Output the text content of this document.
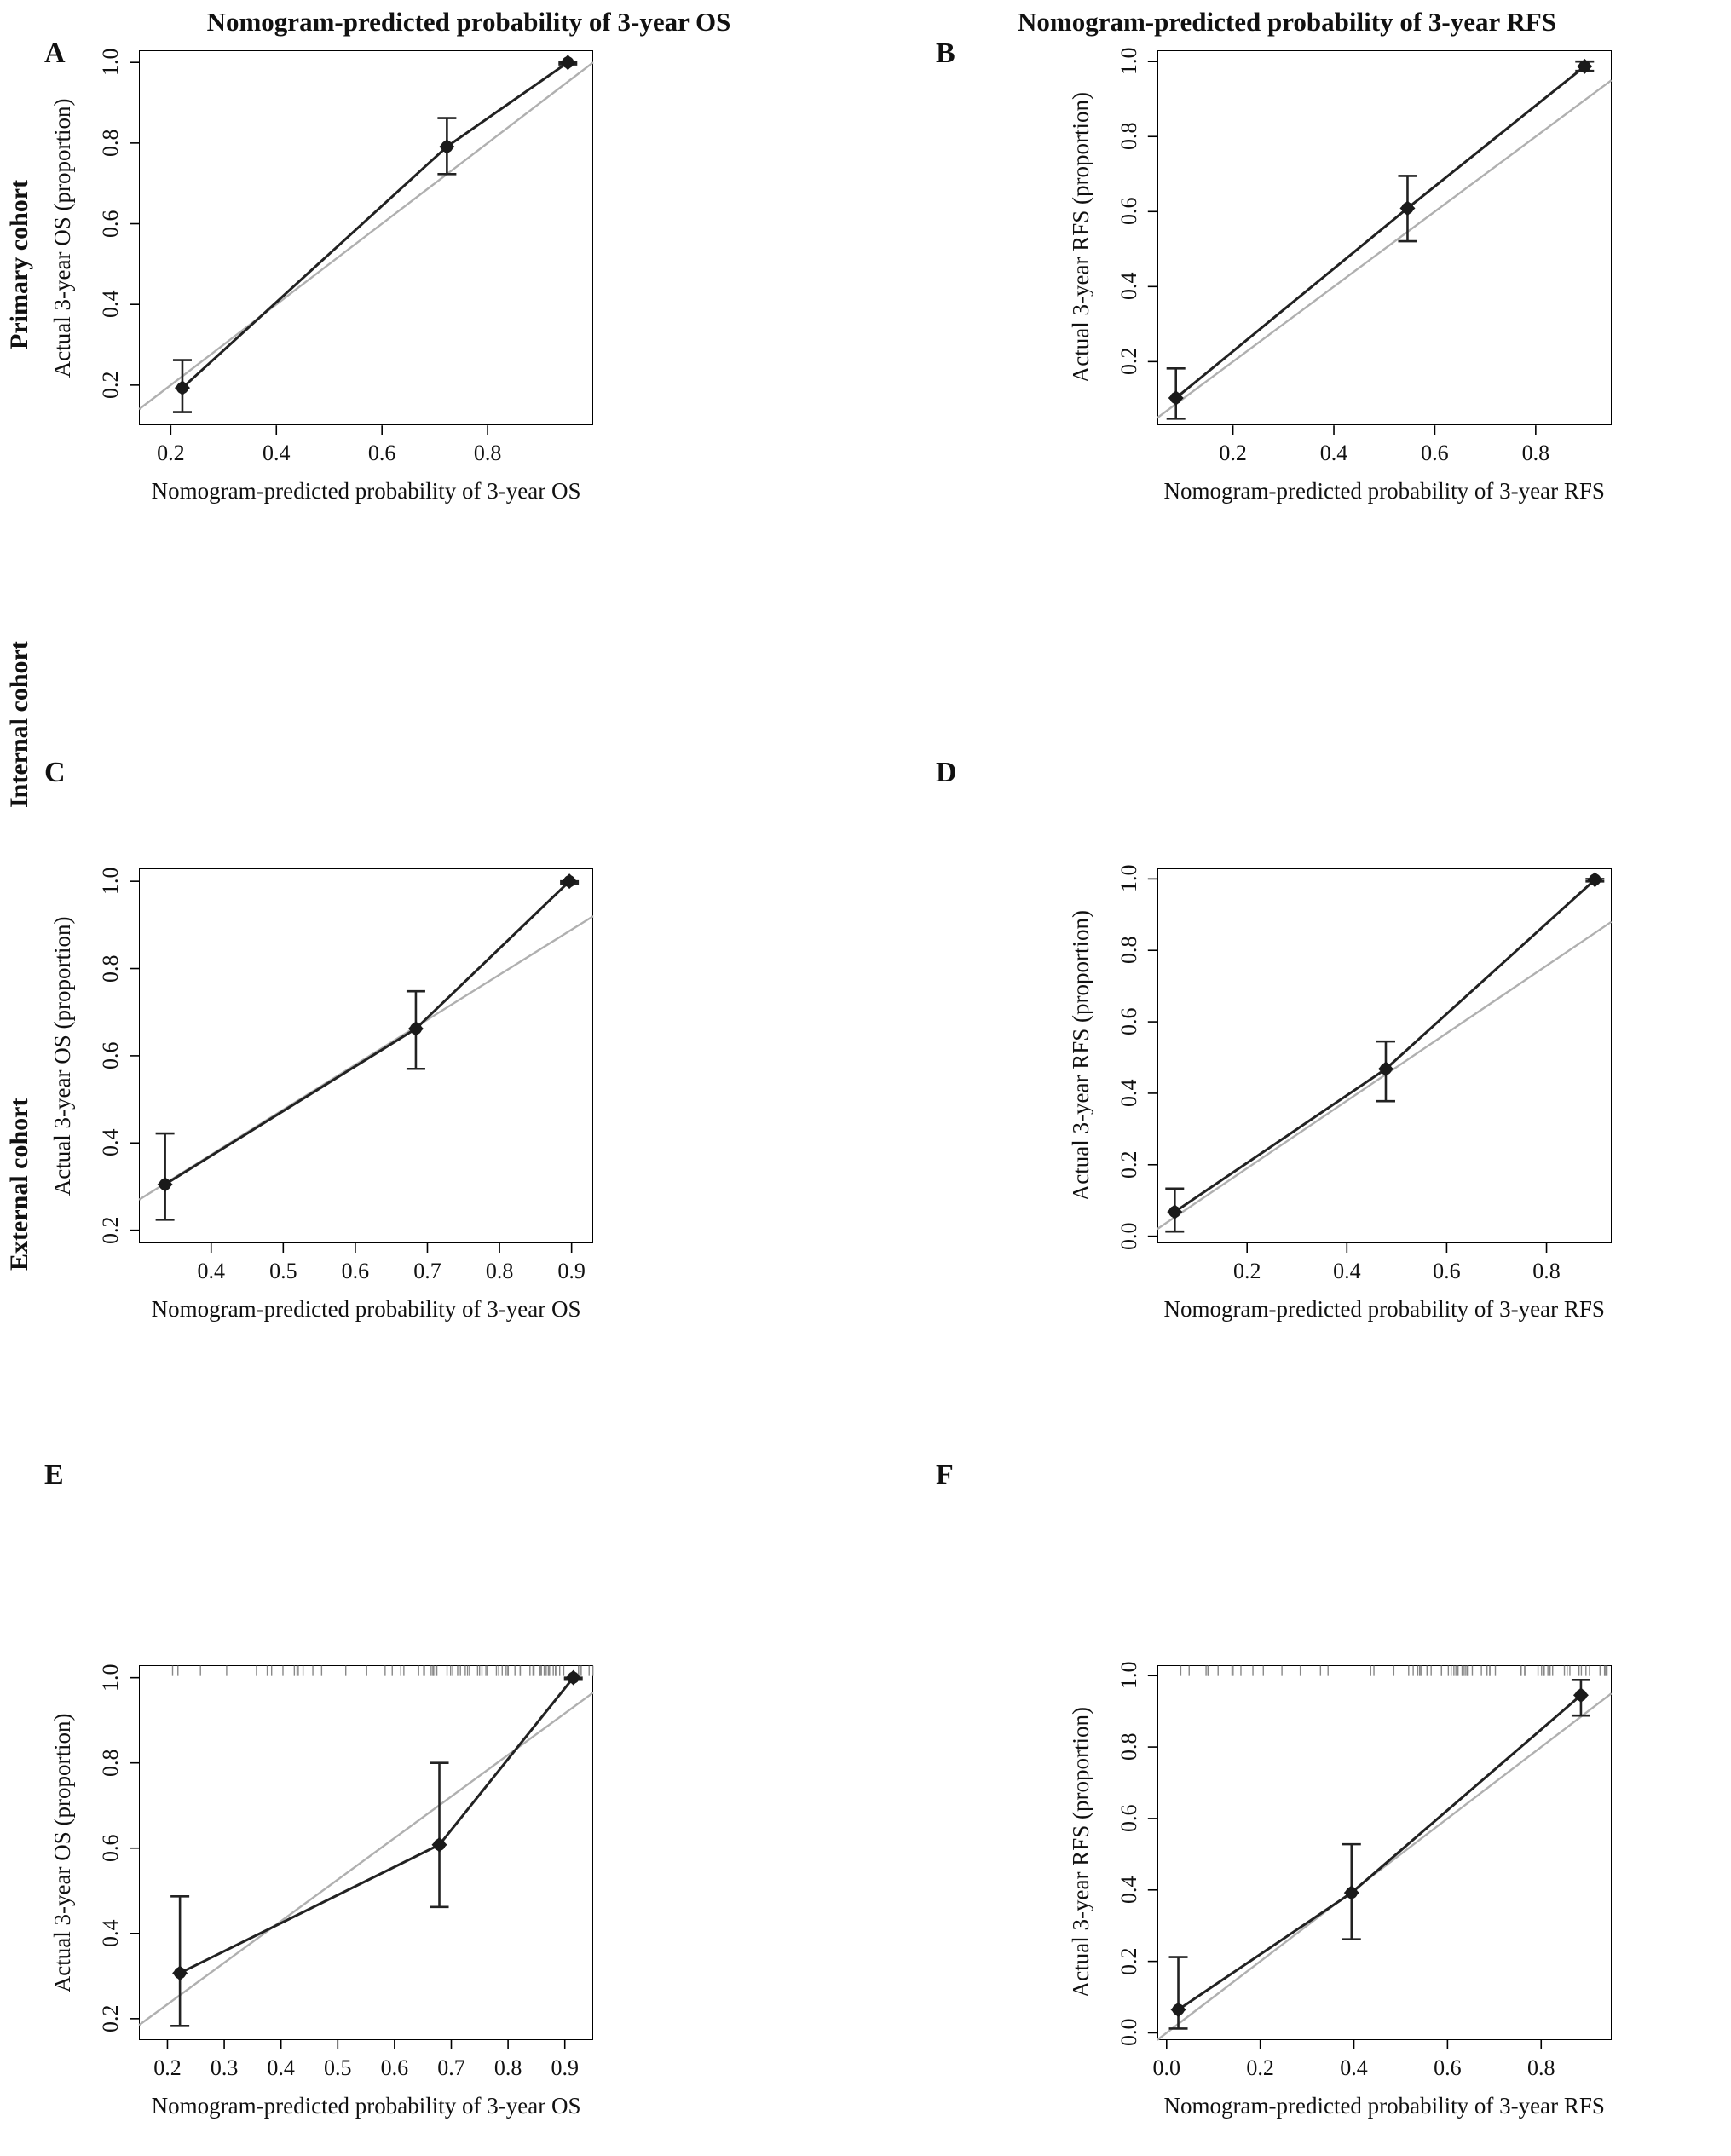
Nomogram-predicted probability of 3-year OS	Nomogram-predicted probability of 3-year RFS
Primary cohort
Internal cohort
External cohort
A	B
C	D
E	F
0.2	0.4	0.6	0.8
0.2
0.4
0.6
0.8
1.0
Nomogram-predicted probability of 3-year OS
Actual 3-year OS (proportion)
0.2	0.4	0.6	0.8
0.2
0.4
0.6
0.8
1.0
Nomogram-predicted probability of 3-year RFS
Actual 3-year RFS (proportion)
0.4	0.5	0.6	0.7	0.8	0.9
0.2
0.4
0.6
0.8
1.0
Nomogram-predicted probability of 3-year OS
Actual 3-year OS (proportion)
0.2	0.4	0.6	0.8
0.0
0.2
0.4
0.6
0.8
1.0
Nomogram-predicted probability of 3-year RFS
Actual 3-year RFS (proportion)
0.2	0.3	0.4	0.5	0.6	0.7	0.8	0.9
0.2
0.4
0.6
0.8
1.0
Nomogram-predicted probability of 3-year OS
Actual 3-year OS (proportion)
0.0	0.2	0.4	0.6	0.8
0.0
0.2
0.4
0.6
0.8
1.0
Nomogram-predicted probability of 3-year RFS
Actual 3-year RFS (proportion)
